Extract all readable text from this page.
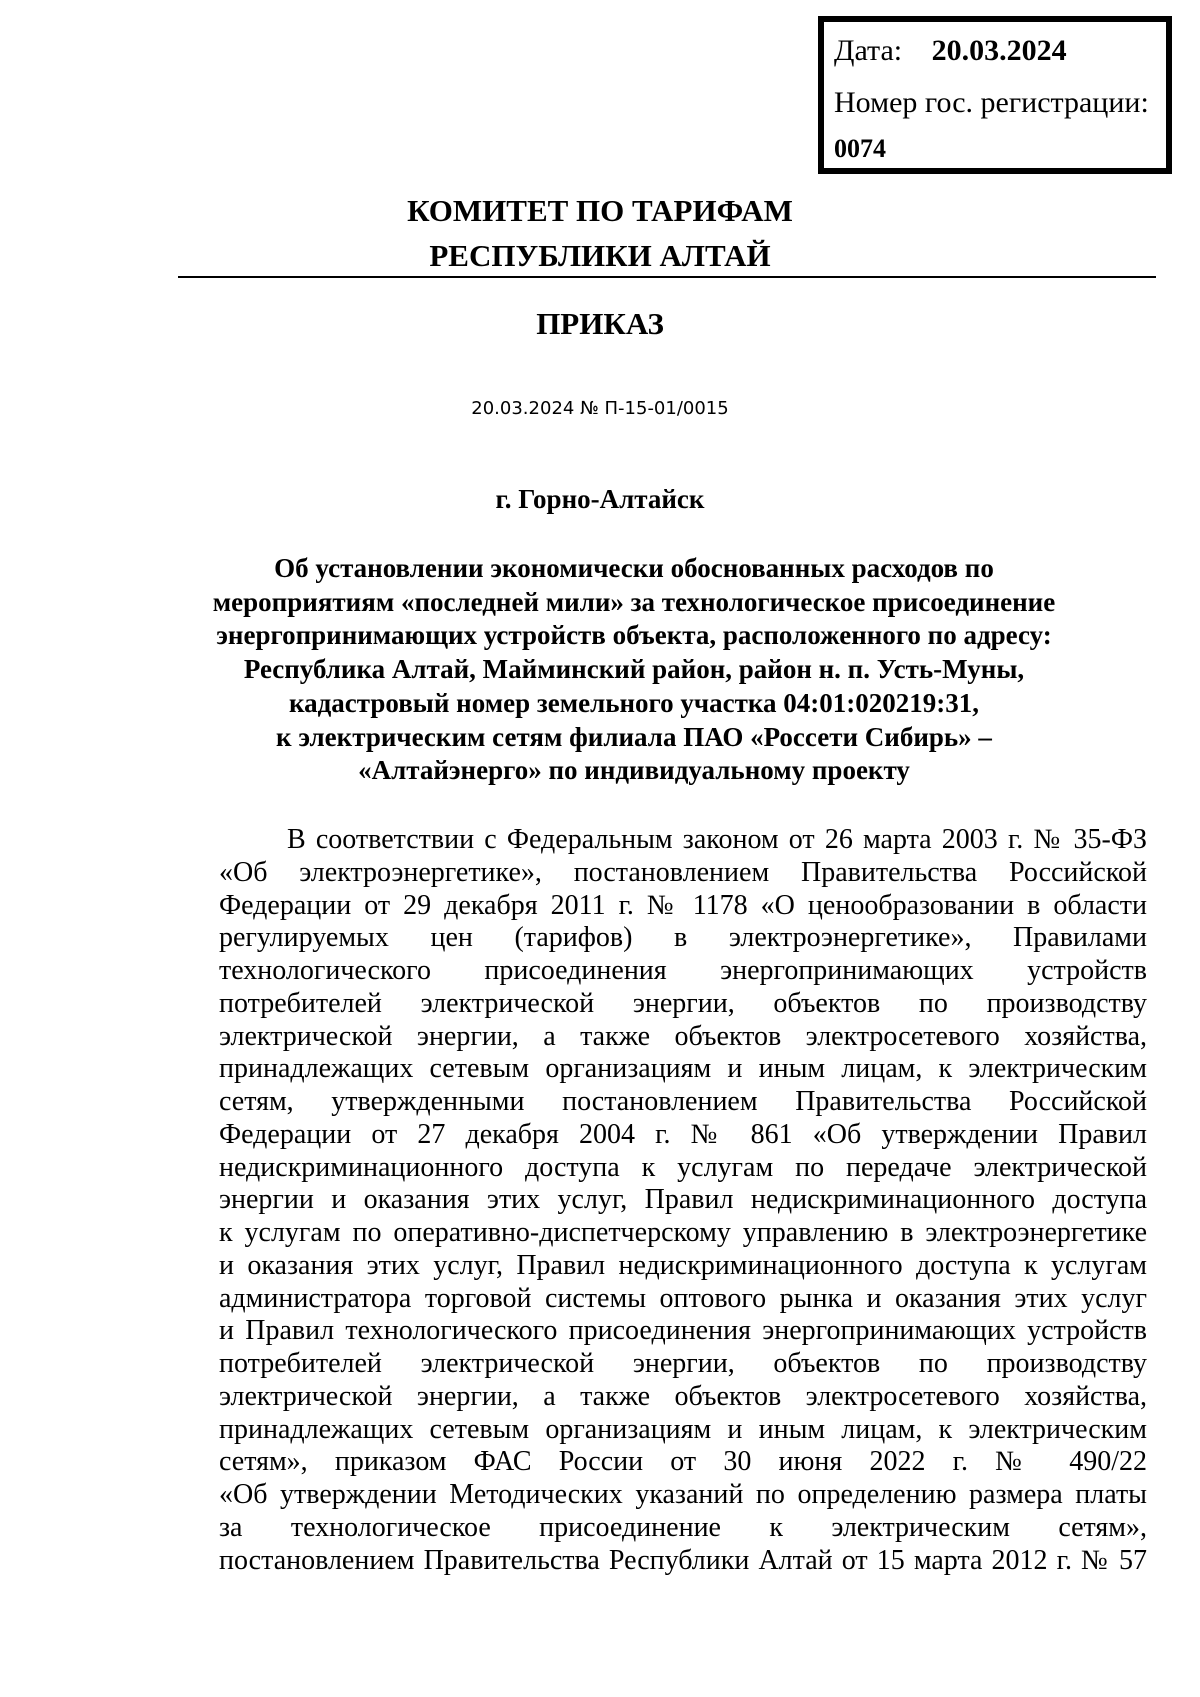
Дата: 20.03.2024
Номер гос. регистрации:
0074
КОМИТЕТ ПО ТАРИФАМ
РЕСПУБЛИКИ АЛТАЙ
ПРИКАЗ
20.03.2024 № П-15-01/0015
г. Горно-Алтайск
Об установлении экономически обоснованных расходов по
мероприятиям «последней мили» за технологическое присоединение
энергопринимающих устройств объекта, расположенного по адресу:
Республика Алтай, Майминский район, район н. п. Усть-Муны,
кадастровый номер земельного участка 04:01:020219:31,
к электрическим сетям филиала ПАО «Россети Сибирь» –
«Алтайэнерго» по индивидуальному проекту
В соответствии с Федеральным законом от 26 марта 2003 г. № 35-ФЗ
«Об электроэнергетике», постановлением Правительства Российской
Федерации от 29 декабря 2011 г. № 1178 «О ценообразовании в области
регулируемых цен (тарифов) в электроэнергетике», Правилами
технологического присоединения энергопринимающих устройств
потребителей электрической энергии, объектов по производству
электрической энергии, а также объектов электросетевого хозяйства,
принадлежащих сетевым организациям и иным лицам, к электрическим
сетям, утвержденными постановлением Правительства Российской
Федерации от 27 декабря 2004 г. № 861 «Об утверждении Правил
недискриминационного доступа к услугам по передаче электрической
энергии и оказания этих услуг, Правил недискриминационного доступа
к услугам по оперативно-диспетчерскому управлению в электроэнергетике
и оказания этих услуг, Правил недискриминационного доступа к услугам
администратора торговой системы оптового рынка и оказания этих услуг
и Правил технологического присоединения энергопринимающих устройств
потребителей электрической энергии, объектов по производству
электрической энергии, а также объектов электросетевого хозяйства,
принадлежащих сетевым организациям и иным лицам, к электрическим
сетям», приказом ФАС России от 30 июня 2022 г. № 490/22
«Об утверждении Методических указаний по определению размера платы
за технологическое присоединение к электрическим сетям»,
постановлением Правительства Республики Алтай от 15 марта 2012 г. № 57
